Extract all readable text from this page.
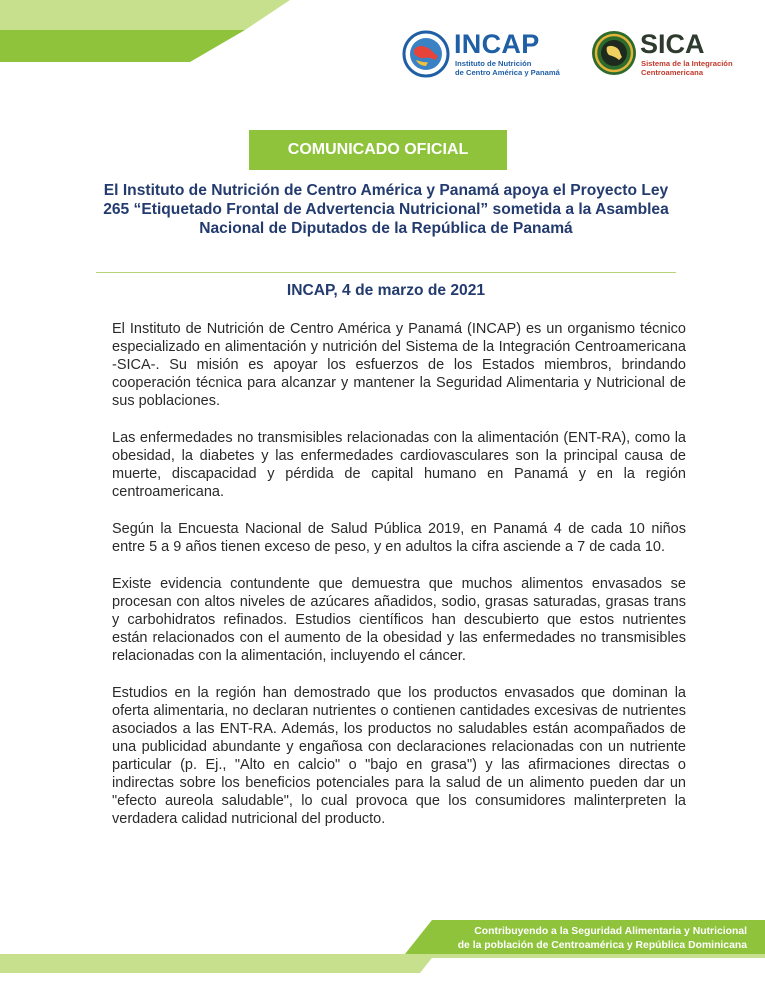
INCAP
Instituto de Nutrición
de Centro América y Panamá
SICA
Sistema de la Integración
Centroamericana
COMUNICADO OFICIAL
El Instituto de Nutrición de Centro América y Panamá apoya el Proyecto Ley 265 “Etiquetado Frontal de Advertencia Nutricional” sometida a la Asamblea Nacional de Diputados de la República de Panamá
INCAP, 4 de marzo de 2021

El Instituto de Nutrición de Centro América y Panamá (INCAP) es un organismo técnico especializado en alimentación y nutrición del Sistema de la Integración Centroamericana -SICA-. Su misión es apoyar los esfuerzos de los Estados miembros, brindando cooperación técnica para alcanzar y mantener la Seguridad Alimentaria y Nutricional de sus poblaciones.

Las enfermedades no transmisibles relacionadas con la alimentación (ENT-RA), como la obesidad, la diabetes y las enfermedades cardiovasculares son la principal causa de muerte, discapacidad y pérdida de capital humano en Panamá y en la región centroamericana.

Según la Encuesta Nacional de Salud Pública 2019, en Panamá 4 de cada 10 niños entre 5 a 9 años tienen exceso de peso, y en adultos la cifra asciende a 7 de cada 10.

Existe evidencia contundente que demuestra que muchos alimentos envasados se procesan con altos niveles de azúcares añadidos, sodio, grasas saturadas, grasas trans y carbohidratos refinados. Estudios científicos han descubierto que estos nutrientes están relacionados con el aumento de la obesidad y las enfermedades no transmisibles relacionadas con la alimentación, incluyendo el cáncer.

Estudios en la región han demostrado que los productos envasados que dominan la oferta alimentaria, no declaran nutrientes o contienen cantidades excesivas de nutrientes asociados a las ENT-RA. Además, los productos no saludables están acompañados de una publicidad abundante y engañosa con declaraciones relacionadas con un nutriente particular (p. Ej., "Alto en calcio" o "bajo en grasa") y las afirmaciones directas o indirectas sobre los beneficios potenciales para la salud de un alimento pueden dar un "efecto aureola saludable", lo cual provoca que los consumidores malinterpreten la verdadera calidad nutricional del producto.

Contribuyendo a la Seguridad Alimentaria y Nutricional
de la población de Centroamérica y República Dominicana
